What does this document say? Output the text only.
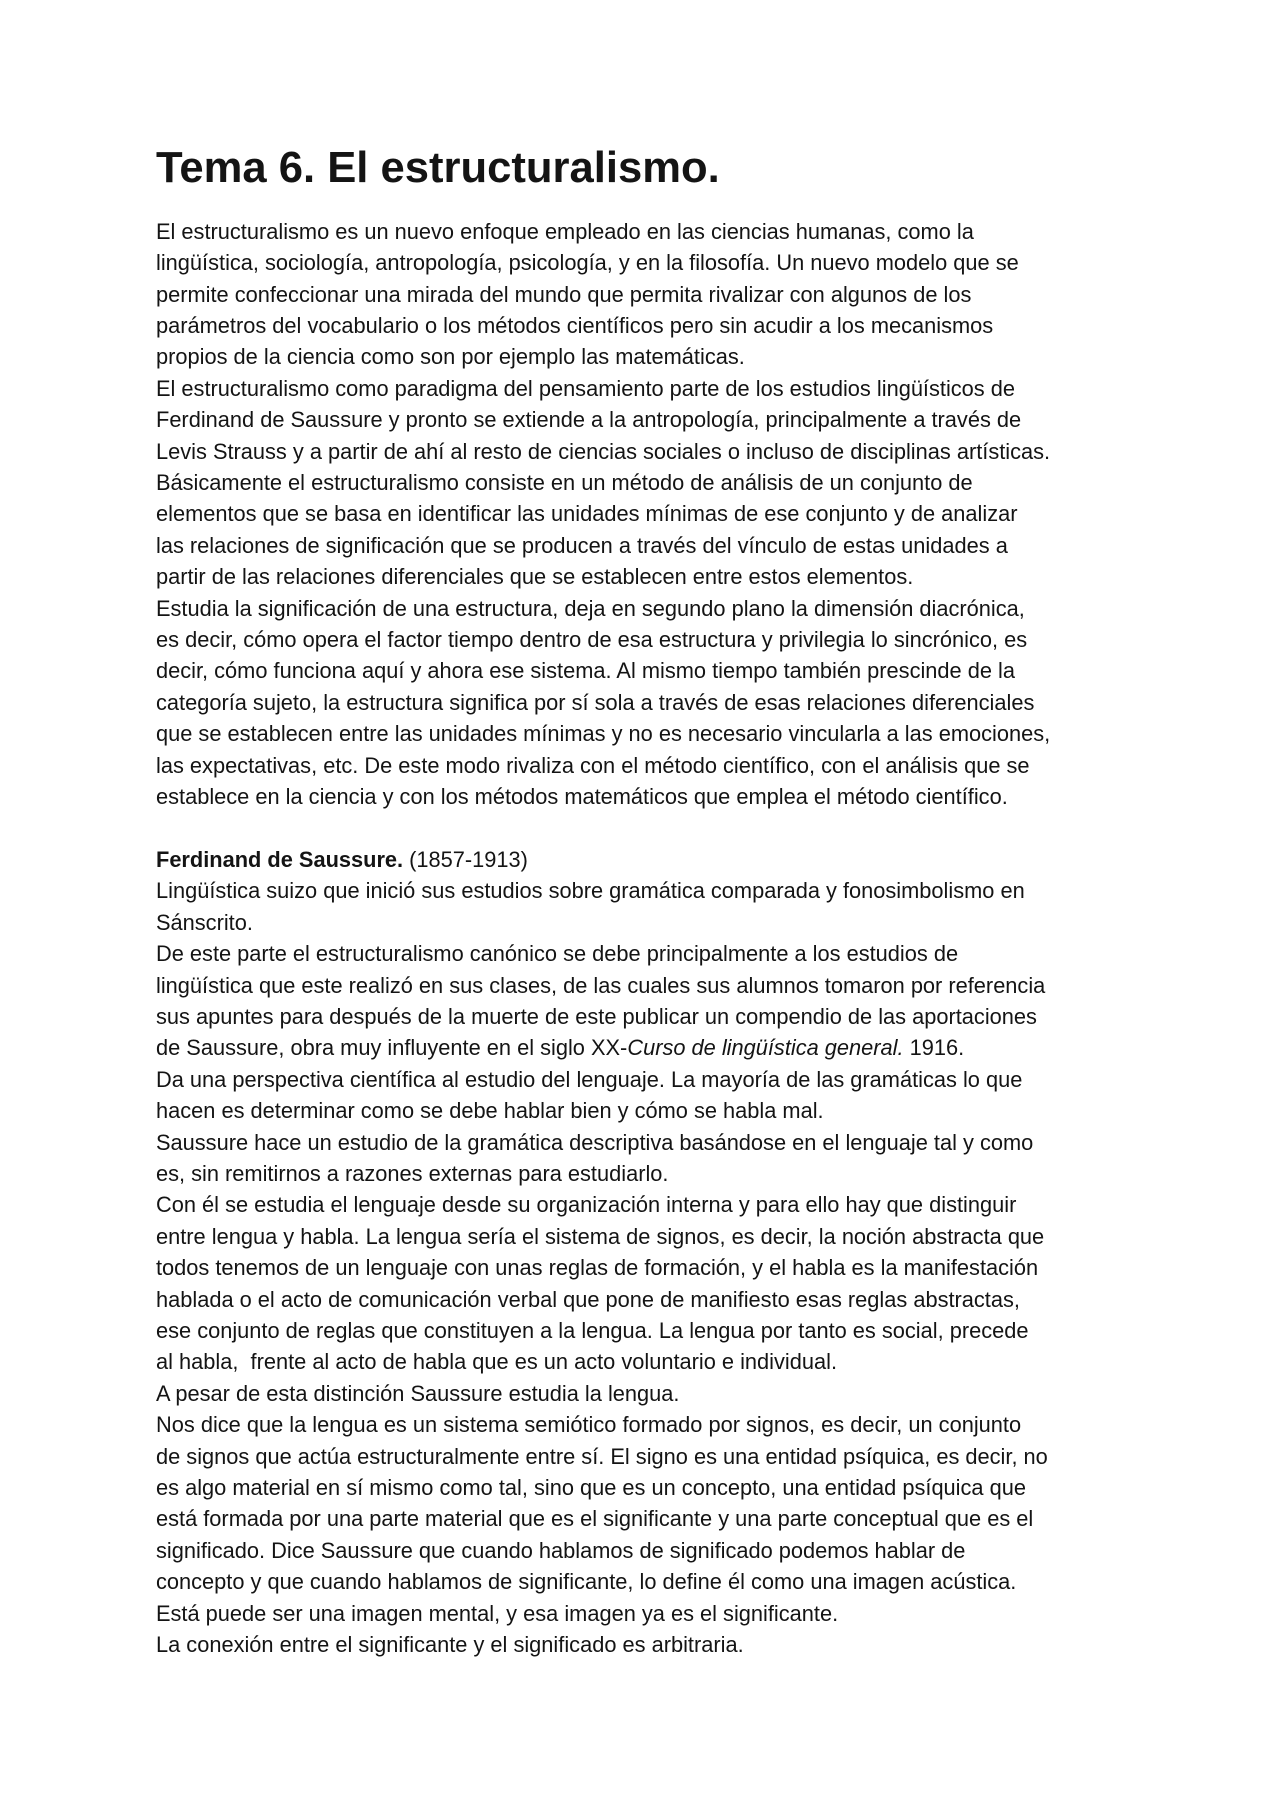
Tema 6. El estructuralismo.

El estructuralismo es un nuevo enfoque empleado en las ciencias humanas, como la
lingüística, sociología, antropología, psicología, y en la filosofía. Un nuevo modelo que se
permite confeccionar una mirada del mundo que permita rivalizar con algunos de los
parámetros del vocabulario o los métodos científicos pero sin acudir a los mecanismos
propios de la ciencia como son por ejemplo las matemáticas.

El estructuralismo como paradigma del pensamiento parte de los estudios lingüísticos de
Ferdinand de Saussure y pronto se extiende a la antropología, principalmente a través de
Levis Strauss y a partir de ahí al resto de ciencias sociales o incluso de disciplinas artísticas.

Básicamente el estructuralismo consiste en un método de análisis de un conjunto de
elementos que se basa en identificar las unidades mínimas de ese conjunto y de analizar
las relaciones de significación que se producen a través del vínculo de estas unidades a
partir de las relaciones diferenciales que se establecen entre estos elementos.

Estudia la significación de una estructura, deja en segundo plano la dimensión diacrónica,
es decir, cómo opera el factor tiempo dentro de esa estructura y privilegia lo sincrónico, es
decir, cómo funciona aquí y ahora ese sistema. Al mismo tiempo también prescinde de la
categoría sujeto, la estructura significa por sí sola a través de esas relaciones diferenciales
que se establecen entre las unidades mínimas y no es necesario vincularla a las emociones,
las expectativas, etc. De este modo rivaliza con el método científico, con el análisis que se
establece en la ciencia y con los métodos matemáticos que emplea el método científico.

Ferdinand de Saussure. (1857-1913)

Lingüística suizo que inició sus estudios sobre gramática comparada y fonosimbolismo en
Sánscrito.

De este parte el estructuralismo canónico se debe principalmente a los estudios de
lingüística que este realizó en sus clases, de las cuales sus alumnos tomaron por referencia
sus apuntes para después de la muerte de este publicar un compendio de las aportaciones
de Saussure, obra muy influyente en el siglo XX-Curso de lingüística general. 1916.

Da una perspectiva científica al estudio del lenguaje. La mayoría de las gramáticas lo que
hacen es determinar como se debe hablar bien y cómo se habla mal.

Saussure hace un estudio de la gramática descriptiva basándose en el lenguaje tal y como
es, sin remitirnos a razones externas para estudiarlo.

Con él se estudia el lenguaje desde su organización interna y para ello hay que distinguir
entre lengua y habla. La lengua sería el sistema de signos, es decir, la noción abstracta que
todos tenemos de un lenguaje con unas reglas de formación, y el habla es la manifestación
hablada o el acto de comunicación verbal que pone de manifiesto esas reglas abstractas,
ese conjunto de reglas que constituyen a la lengua. La lengua por tanto es social, precede
al habla,  frente al acto de habla que es un acto voluntario e individual.

A pesar de esta distinción Saussure estudia la lengua.

Nos dice que la lengua es un sistema semiótico formado por signos, es decir, un conjunto
de signos que actúa estructuralmente entre sí. El signo es una entidad psíquica, es decir, no
es algo material en sí mismo como tal, sino que es un concepto, una entidad psíquica que
está formada por una parte material que es el significante y una parte conceptual que es el
significado. Dice Saussure que cuando hablamos de significado podemos hablar de
concepto y que cuando hablamos de significante, lo define él como una imagen acústica.
Está puede ser una imagen mental, y esa imagen ya es el significante.

La conexión entre el significante y el significado es arbitraria.
